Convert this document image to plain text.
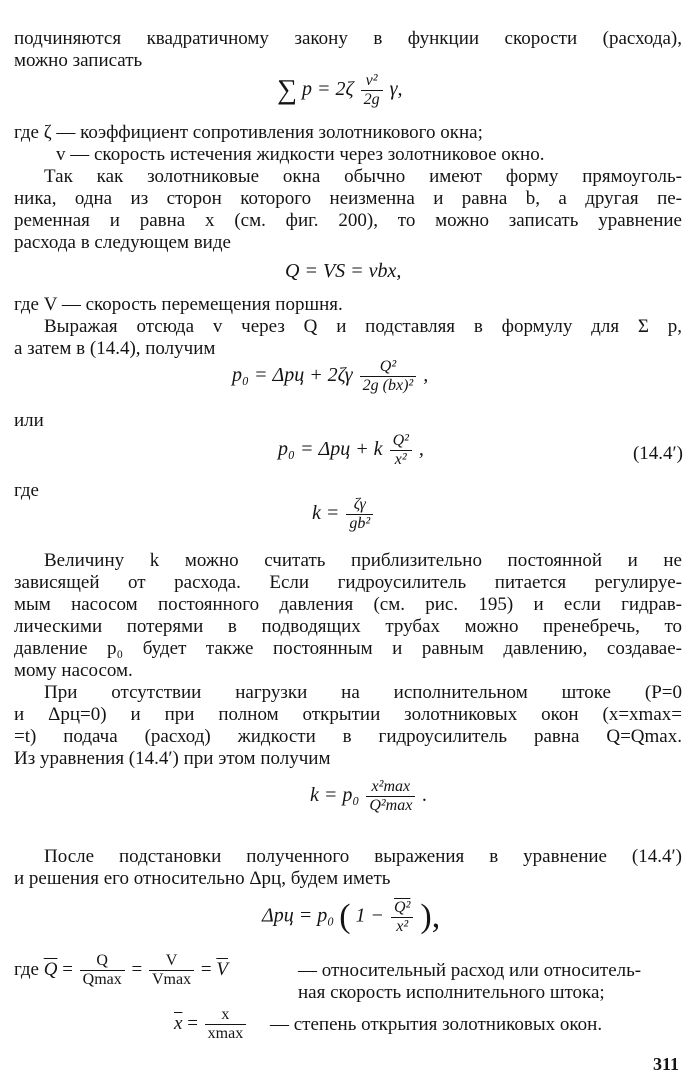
подчиняются квадратичному закону в функции скорости (расхода),
можно записать
∑ $p = 2\zeta \frac{\text{v²}}{2g} \gamma$,
где ζ — коэффициент сопротивления золотникового окна;
v — скорость истечения жидкости через золотниковое окно.
Так как золотниковые окна обычно имеют форму прямоуголь-
ника, одна из сторон которого неизменна и равна b, а другая пе-
ременная и равна x (см. фиг. 200), то можно записать уравнение
расхода в следующем виде
Q = VS = vbx,
где V — скорость перемещения поршня.
Выражая отсюда v через Q и подставляя в формулу для Σ p,
а затем в (14.4), получим
$p_0 = \Delta pц + 2\zeta\gamma \frac{\text{Q²}}{\text{2g (bx)²}}$ ,
или
p₀ = Δpц + k $\frac{\text{Q²}}{\text{x²}}$ ,	(14.4′)
где
$k = \frac{\zeta\gamma}{\text{gb²}}$
Величину k можно считать приблизительно постоянной и не
зависящей от расхода. Если гидроусилитель питается регулируе-
мым насосом постоянного давления (см. рис. 195) и если гидрав-
лическими потерями в подводящих трубах можно пренебречь, то
давление p₀ будет также постоянным и равным давлению, создавае-
мому насосом.
При отсутствии нагрузки на исполнительном штоке (P=0
и Δpц=0) и при полном открытии золотниковых окон (x=xmax=
=t) подача (расход) жидкости в гидроусилитель равна Q=Qmax.
Из уравнения (14.4′) при этом получим
$k = p_0 \frac{\text{x²max}}{\text{Q²max}}$ .
После подстановки полученного выражения в уравнение (14.4′)
и решения его относительно Δpц, будем иметь
Δpц = p₀ ( $1 - \frac{\text{Q²}}{\text{x²}}$ ),
где $\overline{Q} = \frac{Q}{Qmax} = \frac{V}{Vmax} = \overline{V}$	— относительный расход или относитель-
ная скорость исполнительного штока;
$\overline{x} = \frac{x}{xmax}$ — степень открытия золотниковых окон.
311
